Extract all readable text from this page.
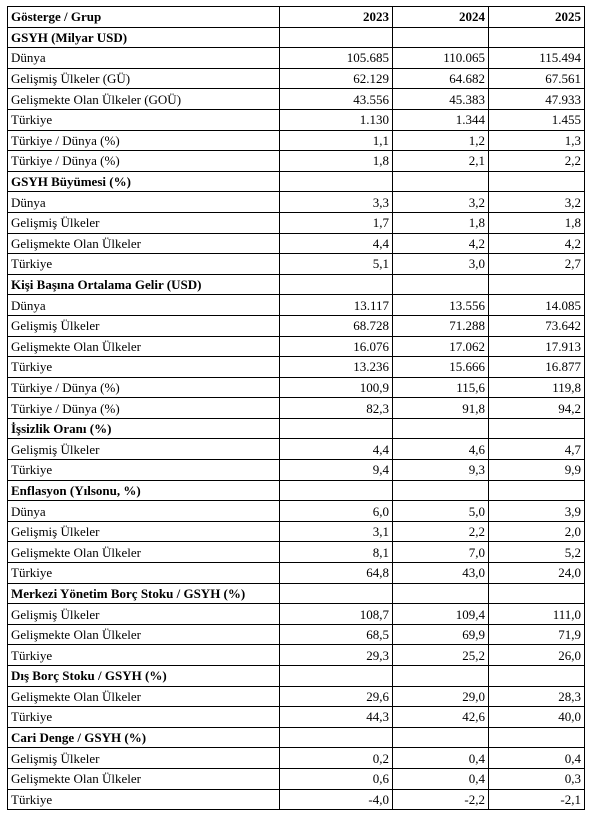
Gösterge / Grup	2023	2024	2025
GSYH (Milyar USD)			
Dünya	105.685	110.065	115.494
Gelişmiş Ülkeler (GÜ)	62.129	64.682	67.561
Gelişmekte Olan Ülkeler (GOÜ)	43.556	45.383	47.933
Türkiye	1.130	1.344	1.455
Türkiye / Dünya (%)	1,1	1,2	1,3
Türkiye / Dünya (%)	1,8	2,1	2,2
GSYH Büyümesi (%)			
Dünya	3,3	3,2	3,2
Gelişmiş Ülkeler	1,7	1,8	1,8
Gelişmekte Olan Ülkeler	4,4	4,2	4,2
Türkiye	5,1	3,0	2,7
Kişi Başına Ortalama Gelir (USD)			
Dünya	13.117	13.556	14.085
Gelişmiş Ülkeler	68.728	71.288	73.642
Gelişmekte Olan Ülkeler	16.076	17.062	17.913
Türkiye	13.236	15.666	16.877
Türkiye / Dünya (%)	100,9	115,6	119,8
Türkiye / Dünya (%)	82,3	91,8	94,2
İşsizlik Oranı (%)			
Gelişmiş Ülkeler	4,4	4,6	4,7
Türkiye	9,4	9,3	9,9
Enflasyon (Yılsonu, %)			
Dünya	6,0	5,0	3,9
Gelişmiş Ülkeler	3,1	2,2	2,0
Gelişmekte Olan Ülkeler	8,1	7,0	5,2
Türkiye	64,8	43,0	24,0
Merkezi Yönetim Borç Stoku / GSYH (%)			
Gelişmiş Ülkeler	108,7	109,4	111,0
Gelişmekte Olan Ülkeler	68,5	69,9	71,9
Türkiye	29,3	25,2	26,0
Dış Borç Stoku / GSYH (%)			
Gelişmekte Olan Ülkeler	29,6	29,0	28,3
Türkiye	44,3	42,6	40,0
Cari Denge / GSYH (%)			
Gelişmiş Ülkeler	0,2	0,4	0,4
Gelişmekte Olan Ülkeler	0,6	0,4	0,3
Türkiye	-4,0	-2,2	-2,1
